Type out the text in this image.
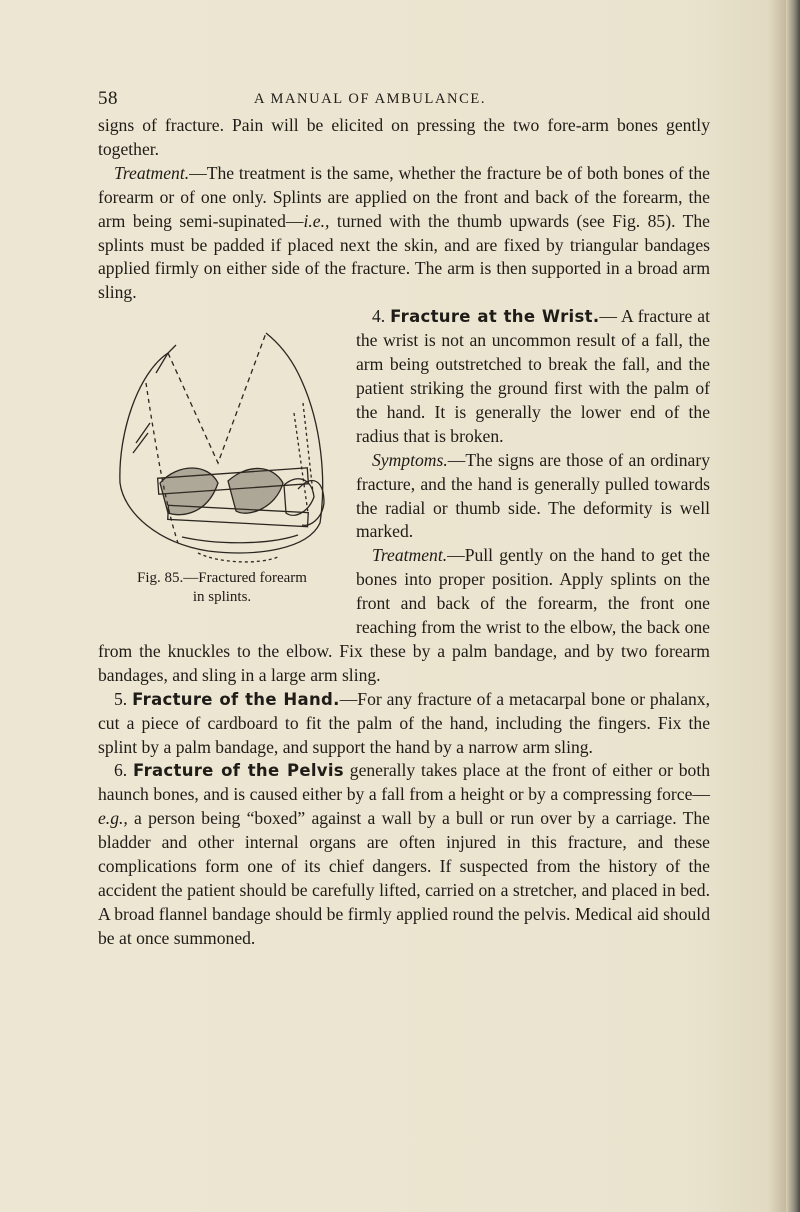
58	A MANUAL OF AMBULANCE.

signs of fracture. Pain will be elicited on pressing the two fore-arm bones gently together.

Treatment.—The treatment is the same, whether the fracture be of both bones of the forearm or of one only. Splints are applied on the front and back of the forearm, the arm being semi-supinated—i.e., turned with the thumb upwards (see Fig. 85). The splints must be padded if placed next the skin, and are fixed by triangular bandages applied firmly on either side of the fracture. The arm is then supported in a broad arm sling.

Fig. 85.—Fractured forearm
in splints.

4. Fracture at the Wrist.— A fracture at the wrist is not an uncommon result of a fall, the arm being outstretched to break the fall, and the patient striking the ground first with the palm of the hand. It is generally the lower end of the radius that is broken.

Symptoms.—The signs are those of an ordinary fracture, and the hand is generally pulled towards the radial or thumb side. The deformity is well marked.

Treatment.—Pull gently on the hand to get the bones into proper position. Apply splints on the front and back of the forearm, the front one reaching from the wrist to the elbow, the back one from the knuckles to the elbow. Fix these by a palm bandage, and by two forearm bandages, and sling in a large arm sling.

5. Fracture of the Hand.—For any fracture of a metacarpal bone or phalanx, cut a piece of cardboard to fit the palm of the hand, including the fingers. Fix the splint by a palm bandage, and support the hand by a narrow arm sling.

6. Fracture of the Pelvis generally takes place at the front of either or both haunch bones, and is caused either by a fall from a height or by a compressing force—e.g., a person being “boxed” against a wall by a bull or run over by a carriage. The bladder and other internal organs are often injured in this fracture, and these complications form one of its chief dangers. If suspected from the history of the accident the patient should be carefully lifted, carried on a stretcher, and placed in bed. A broad flannel bandage should be firmly applied round the pelvis. Medical aid should be at once summoned.
